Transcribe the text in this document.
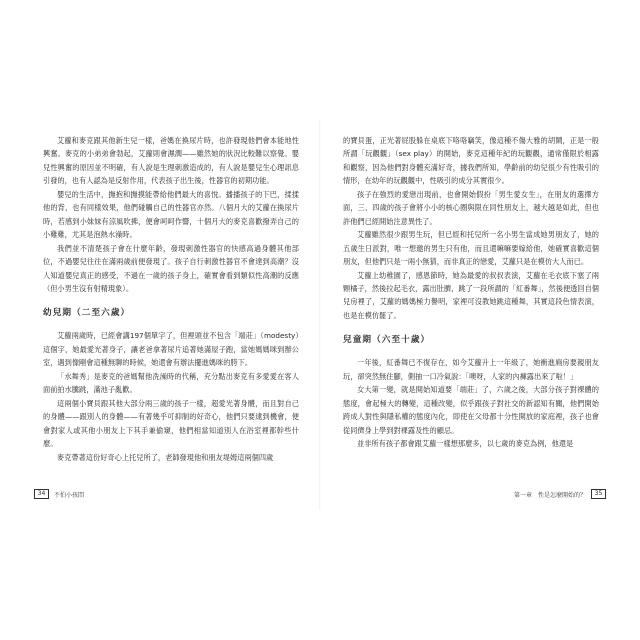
艾蘿和麥克跟其他新生兒一樣，爸媽在換尿片時，也許發現他們會本能地性興奮。麥克的小弟弟會勃起，艾蘿則會濕潤——雖然她的狀況比較難以察覺。嬰兒性興奮的原因並不明確，有人說是生理刺激造成的，有人說是嬰兒生心理訊息引發的，也有人認為是反射作用，代表孩子出生後，性器官的初期功能。

嬰兒的生活中，撫抱和撫摸能帶給他們最大的喜悅。播播孩子的下巴，揉揉他的背，也有同樣效果，他們碰觸自己的性器官亦然。八個月大的艾蘿在換尿片時，若感到小妹妹有涼風吹拂，便會呵呵作響，十個月大的麥克喜歡撥弄自己的小雞雞，尤其是泡熱水澡時。

我們並不清楚孩子會在什麼年齡，發現刺激性器官的快感高過身體其他部位，不過嬰兒往往在滿兩歲前便發現了。孩子自行刺激性器官不會達到高潮？沒人知道嬰兒真正的感受，不過在一歲的孩子身上，確實會看到類似性高潮的反應（但小男生沒有射精現象）。

幼兒期（二至六歲）

艾蘿兩歲時，已經會講197個單字了，但裡頭並不包含「端莊」（modesty）這個字，她最愛光著身子，讓老爸拿著尿片追著她滿屋子跑，當她媽媽咪到辦公室，遇到像剛會這種無聊的時候，她還會有辦法擺進媽咪的胯下。

「水舞秀」是麥克的爸媽幫他洗澡時的代稱，充分點出麥克有多愛愛在客人面前拍水騰跳，滿池子亂歡。

這兩個小寶貝跟其他大部分兩三歲的孩子一樣，超愛光著身體，而且對自己的身體——跟別人的身體——有著幾乎可抑制的好奇心，他們只要逮到機會，便會對家人或其他小朋友上下其手兼偷窺，他們相當知道別人在浴室裡都幹些什麼。

麥克帶著這份好奇心上托兒所了，老師發現他和朋友堤姆這兩個四歲

34	不怕小孩問

的寶貝蛋，正光著屁股躲在桌底下咯咯竊笑，像這種不傷大雅的胡鬧，正是一般所謂「玩觀觀」（sex play）的開始，麥克這種年紀的玩觀觀，通常僅限於相露和觀察，因為他們對身體充滿好奇，據我們所知，學齡前的幼兒很少有性吸引的情形，在幼年的玩觀觀中，性吸引的成分其實很少。

孩子在強烈的愛戀出現前，也會開始假扮「男生愛女生」，在朋友的選擇方面，三、四歲的孩子會將小小的核心圈與限在同性朋友上，越大越是如此，但也許他們已經開始注意異性了。

艾蘿雖然很少跟男生玩，但已經和托兒所一名小男生當成她男朋友了，她的五歲生日派對，唯一想邀的男生只有他，而且還嘛嘛要嫁給他，她確實喜歡這個朋友，但他們只是一兩小無猜，而非真正的戀愛，艾蘿只是在模仿大人而已。

艾蘿上幼稚園了，感恩節時，她為最愛的叔叔表演，艾蘿在毛衣底下塞了兩顆橘子，然後拉起毛衣，露出肚臍，跳了一段所謂的「紅番舞」，然後便透回自個兒房裡了，艾蘿的媽媽極力譽明，家裡可沒教她跳這種舞，其實這段色情表演，也是在模仿罷了。

兒童期（六至十歲）

一年後，紅番舞已不復存在，如今艾蘿升上一年級了，她衝進廁房要親朋友玩，卻突然無住腳，側抽一口冷氣說：「噢呀，人家的內褲露出來了啦！」

女大第一變，就是開始知道要「端莊」了，六歲之後，大部分孩子對裸體的態度，會起極大的轉變，這種改變，似乎跟孩子對社交的新認知有關，他們開始跨成人對性與隱私權的態度內化，即使在父母都十分性開放的家庭裡，孩子也會從同儕身上學到對裸露及性的顧忌。

並非所有孩子都會跟艾蘿一樣想那麼多，以七歲的麥克為例，他還是

第一章　性是怎麼開始的？	35
